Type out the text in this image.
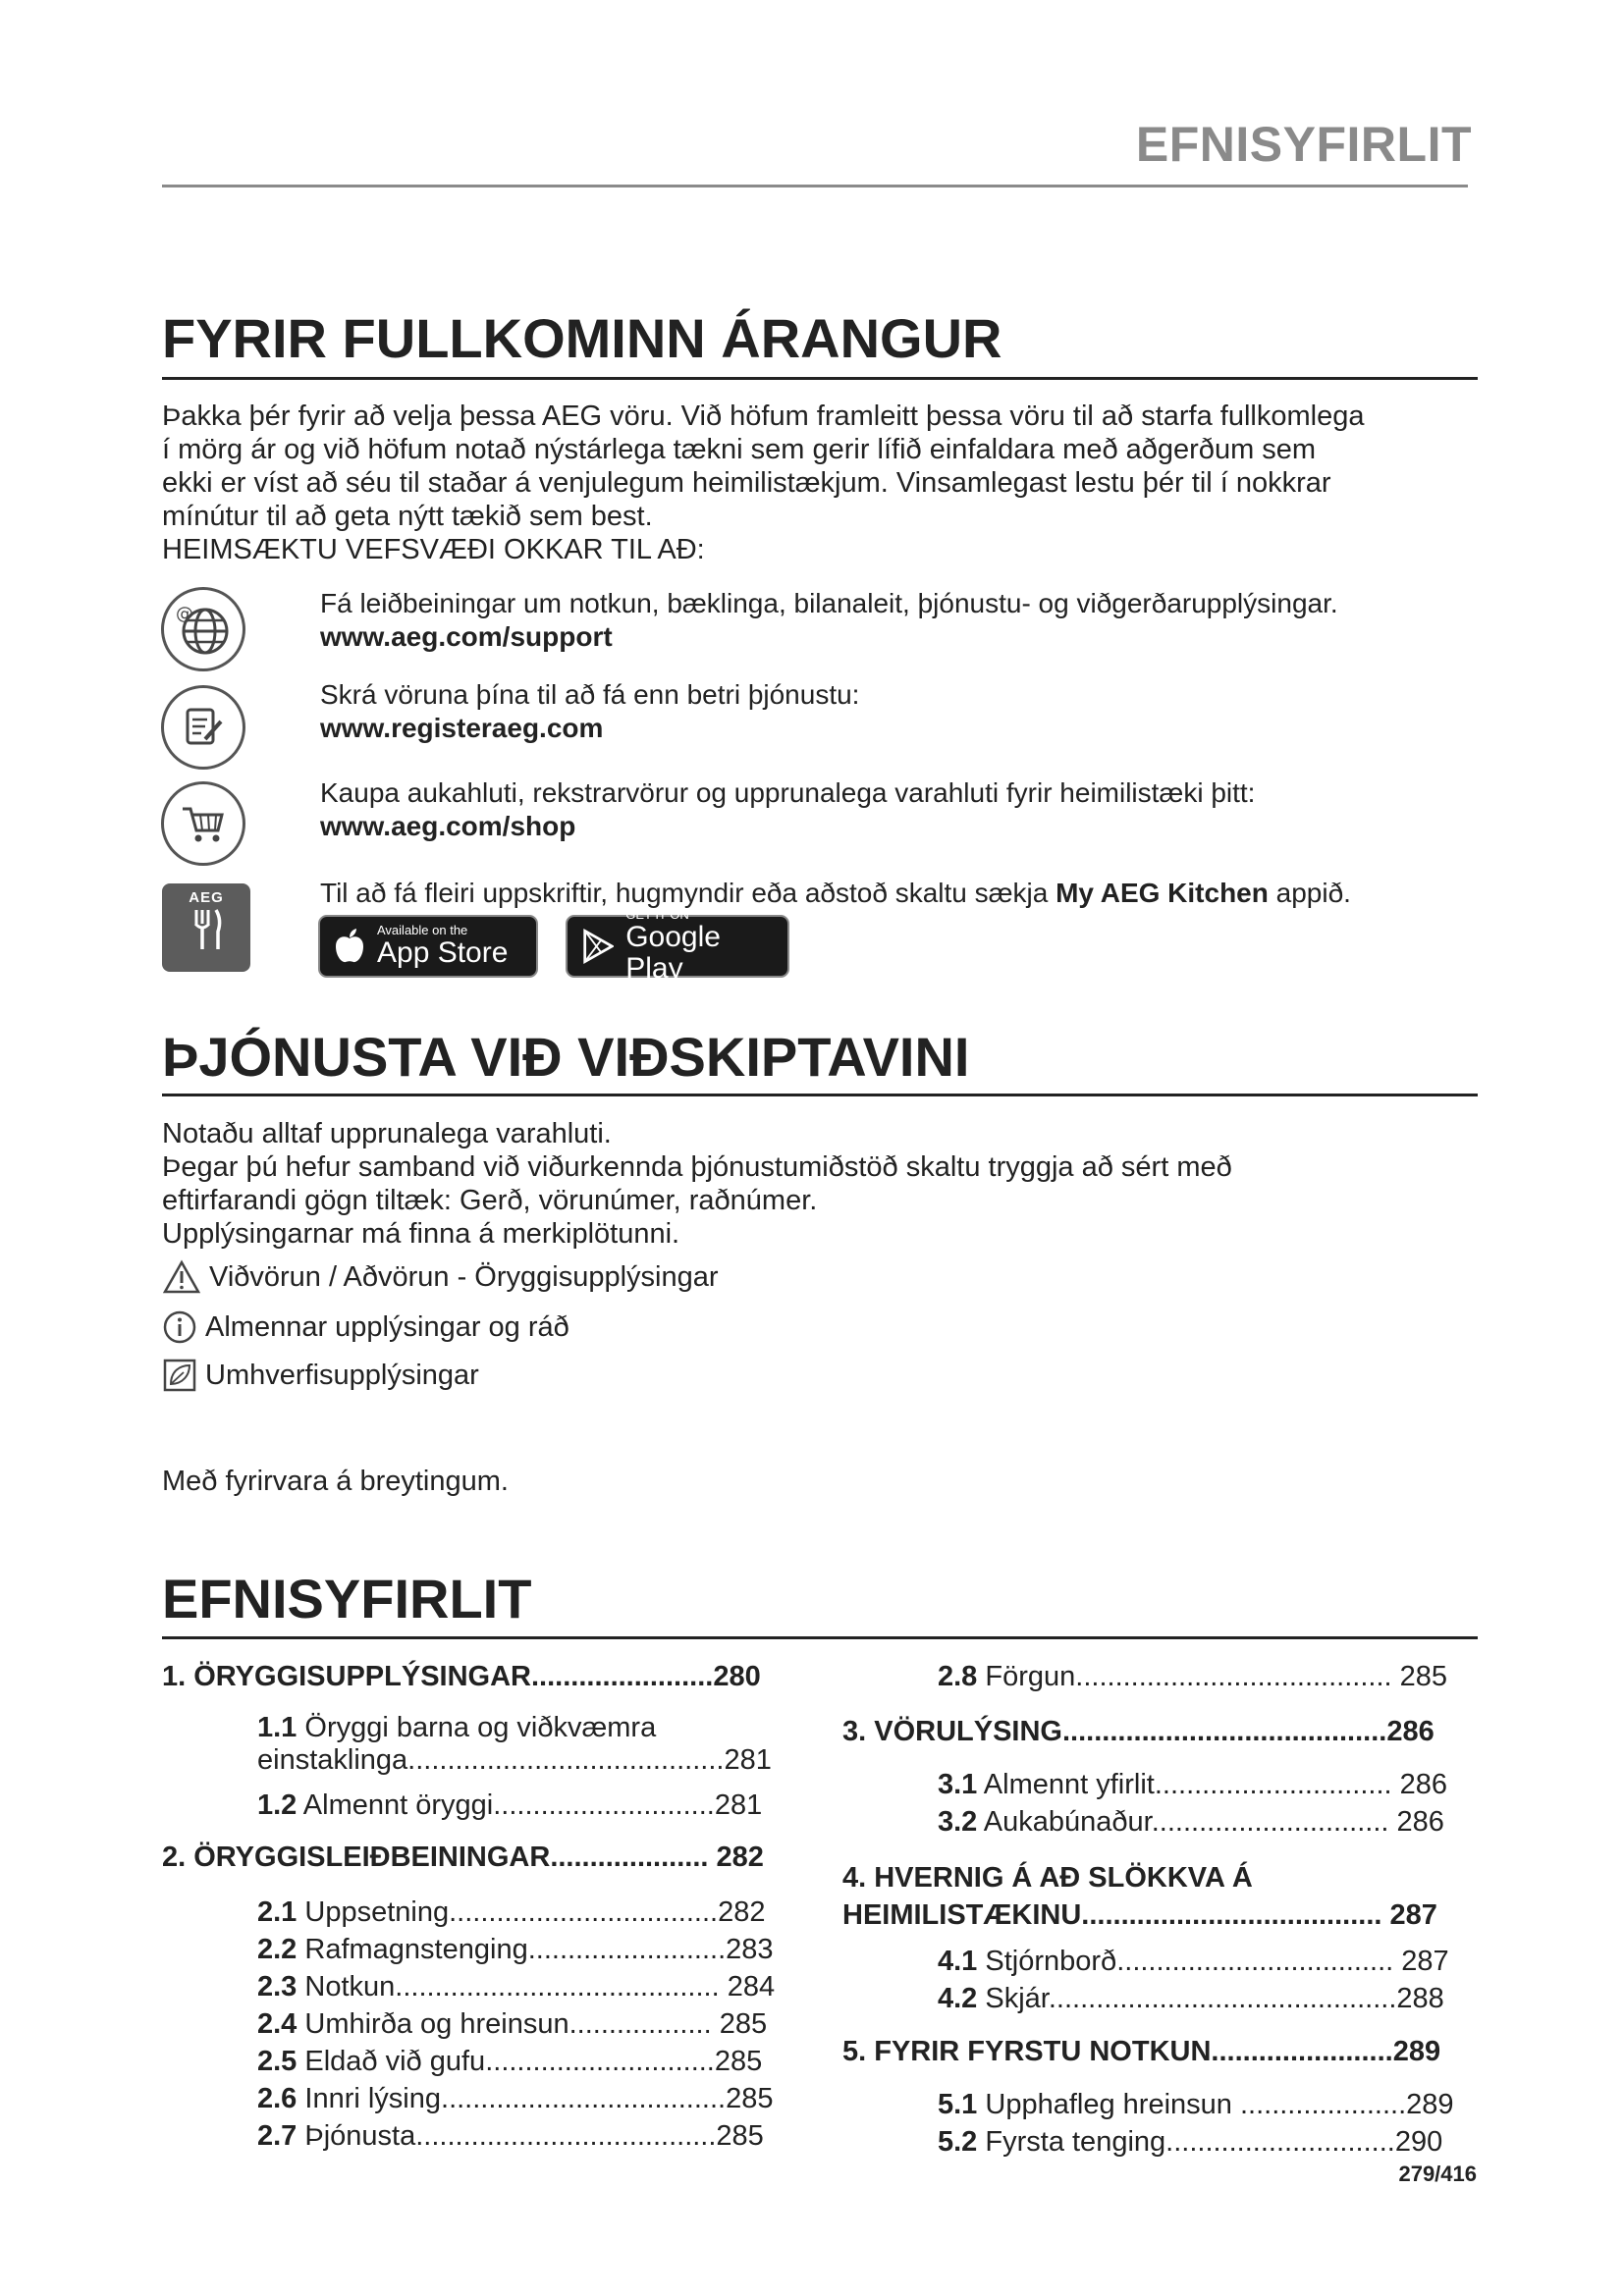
EFNISYFIRLIT
FYRIR FULLKOMINN ÁRANGUR

Þakka þér fyrir að velja þessa AEG vöru. Við höfum framleitt þessa vöru til að starfa fullkomlega
í mörg ár og við höfum notað nýstárlega tækni sem gerir lífið einfaldara með aðgerðum sem
ekki er víst að séu til staðar á venjulegum heimilistækjum. Vinsamlegast lestu þér til í nokkrar
mínútur til að geta nýtt tækið sem best.
HEIMSÆKTU VEFSVÆÐI OKKAR TIL AÐ:

@	Fá leiðbeiningar um notkun, bæklinga, bilanaleit, þjónustu- og viðgerðarupplýsingar.
www.aeg.com/support
Skrá vöruna þína til að fá enn betri þjónustu:
www.registeraeg.com
Kaupa aukahluti, rekstrarvörur og upprunalega varahluti fyrir heimilistæki þitt:
www.aeg.com/shop
AEG	Til að fá fleiri uppskriftir, hugmyndir eða aðstoð skaltu sækja My AEG Kitchen appið.
Available on the
App Store
GET IT ON
Google Play
ÞJÓNUSTA VIÐ VIÐSKIPTAVINI

Notaðu alltaf upprunalega varahluti.
Þegar þú hefur samband við viðurkennda þjónustumiðstöð skaltu tryggja að sért með
eftirfarandi gögn tiltæk: Gerð, vörunúmer, raðnúmer.
Upplýsingarnar má finna á merkiplötunni.

Viðvörun / Aðvörun - Öryggisupplýsingar
Almennar upplýsingar og ráð
Umhverfisupplýsingar
Með fyrirvara á breytingum.
EFNISYFIRLIT
1. ÖRYGGISUPPLÝSINGAR.......................280
1.1 Öryggi barna og viðkvæmra
einstaklinga........................................281
1.2 Almennt öryggi............................281
2. ÖRYGGISLEIÐBEININGAR.................... 282
2.1 Uppsetning..................................282
2.2 Rafmagnstenging.........................283
2.3 Notkun......................................... 284
2.4 Umhirða og hreinsun.................. 285
2.5 Eldað við gufu.............................285
2.6 Innri lýsing....................................285
2.7 Þjónusta......................................285
2.8 Förgun........................................ 285
3. VÖRULÝSING.........................................286
3.1 Almennt yfirlit.............................. 286
3.2 Aukabúnaður.............................. 286
4. HVERNIG Á AÐ SLÖKKVA Á
HEIMILISTÆKINU...................................... 287
4.1 Stjórnborð................................... 287
4.2 Skjár............................................288
5. FYRIR FYRSTU NOTKUN.......................289
5.1 Upphafleg hreinsun .....................289
5.2 Fyrsta tenging.............................290
279/416
